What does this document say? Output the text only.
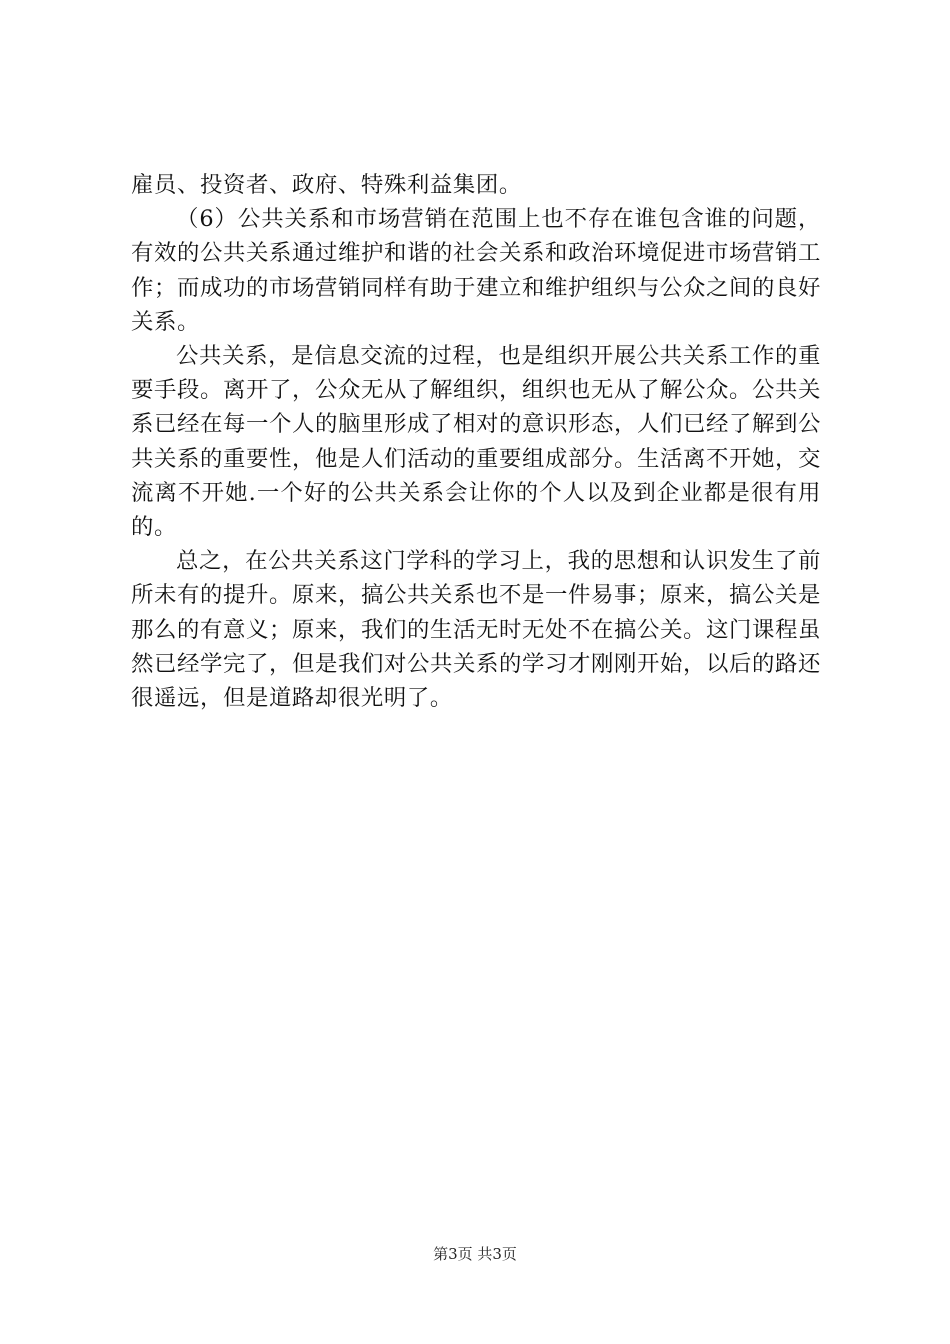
雇员、投资者、政府、特殊利益集团。

（6）公共关系和市场营销在范围上也不存在谁包含谁的问题，有效的公共关系通过维护和谐的社会关系和政治环境促进市场营销工作；而成功的市场营销同样有助于建立和维护组织与公众之间的良好关系。

公共关系，是信息交流的过程，也是组织开展公共关系工作的重要手段。离开了，公众无从了解组织，组织也无从了解公众。公共关系已经在每一个人的脑里形成了相对的意识形态，人们已经了解到公共关系的重要性，他是人们活动的重要组成部分。生活离不开她，交流离不开她.一个好的公共关系会让你的个人以及到企业都是很有用的。

总之，在公共关系这门学科的学习上，我的思想和认识发生了前所未有的提升。原来，搞公共关系也不是一件易事；原来，搞公关是那么的有意义；原来，我们的生活无时无处不在搞公关。这门课程虽然已经学完了，但是我们对公共关系的学习才刚刚开始，以后的路还很遥远，但是道路却很光明了。

第3页 共3页
